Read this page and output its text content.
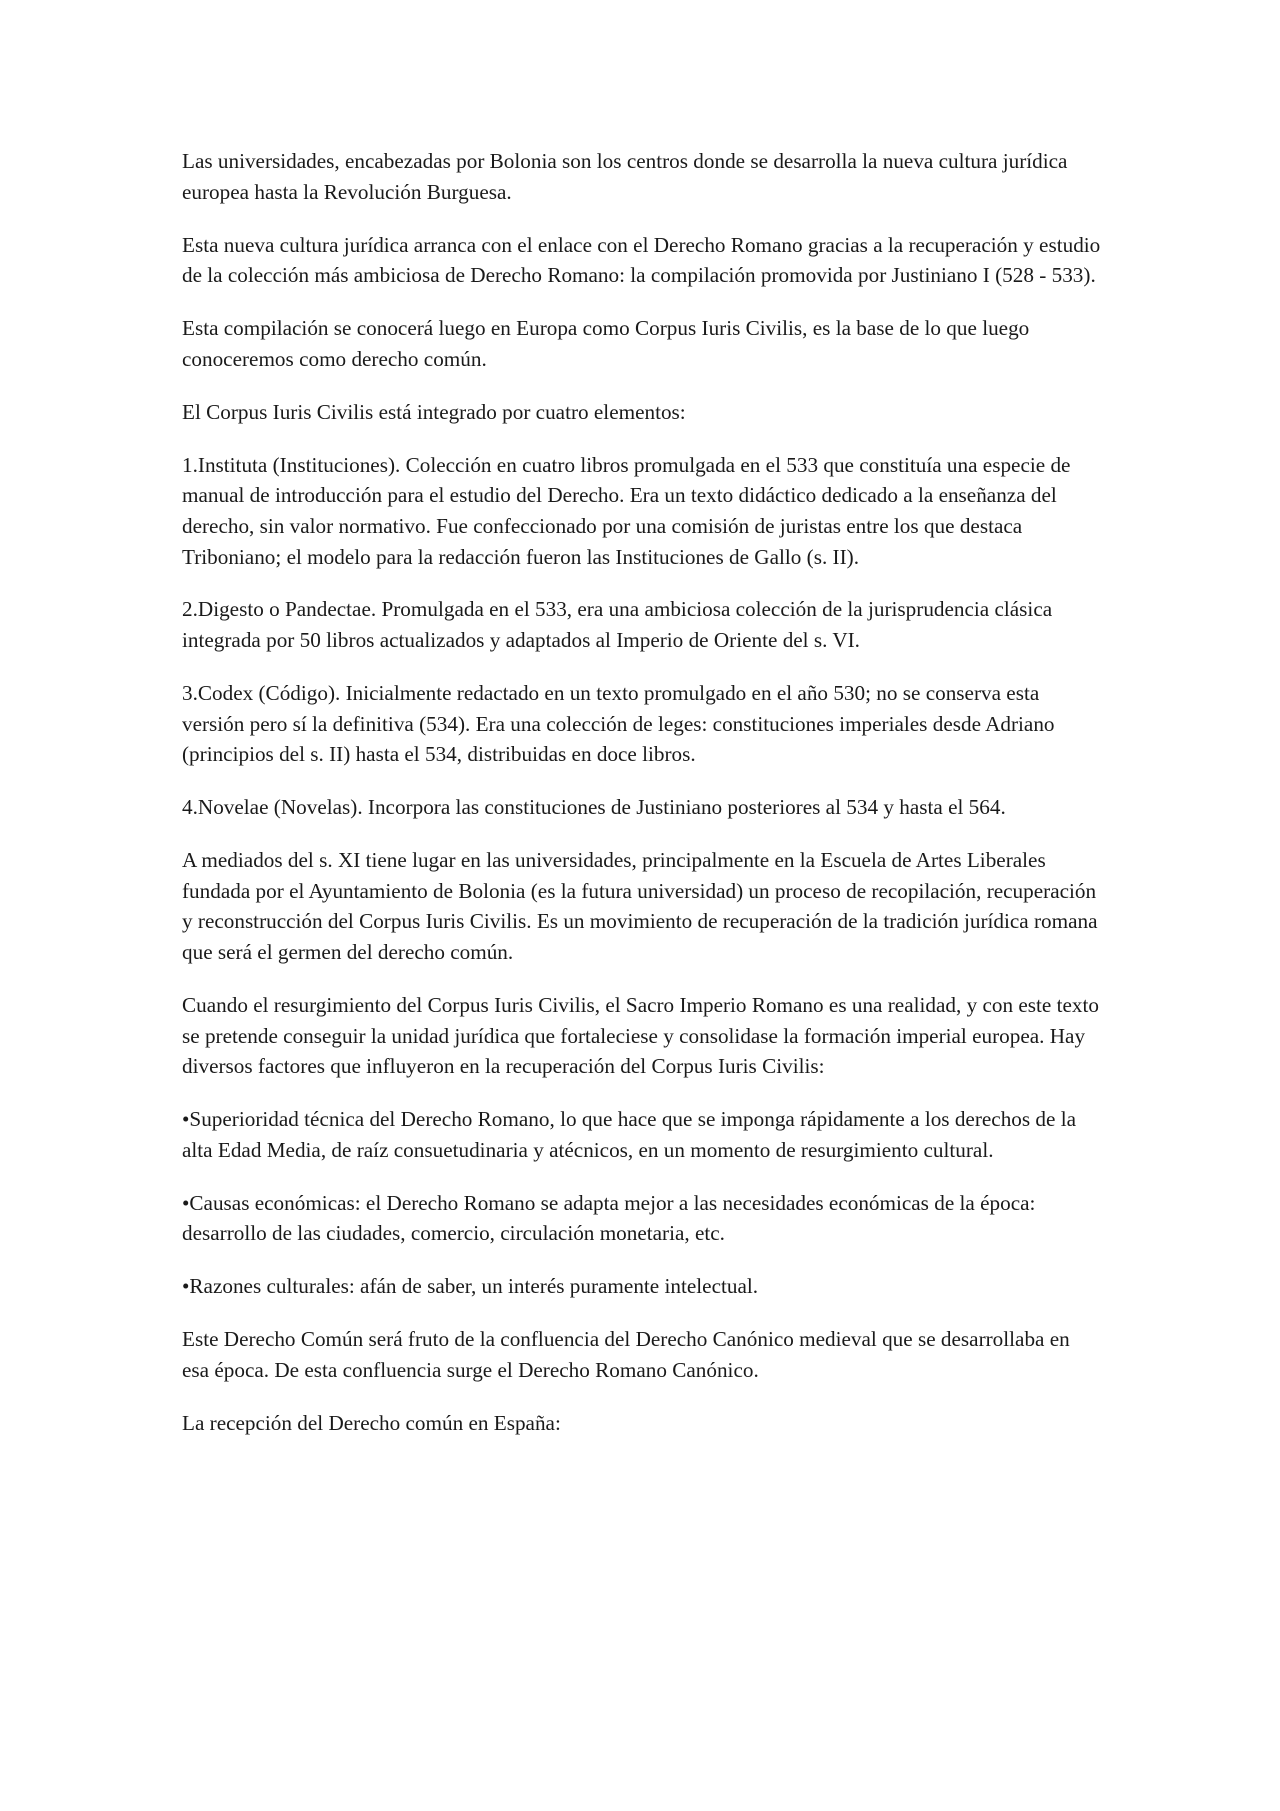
Las universidades, encabezadas por Bolonia son los centros donde se desarrolla la nueva cultura jurídica europea hasta la Revolución Burguesa.

Esta nueva cultura jurídica arranca con el enlace con el Derecho Romano gracias a la recuperación y estudio de la colección más ambiciosa de Derecho Romano: la compilación promovida por Justiniano I (528 - 533).

Esta compilación se conocerá luego en Europa como Corpus Iuris Civilis, es la base de lo que luego conoceremos como derecho común.

El Corpus Iuris Civilis está integrado por cuatro elementos:

1.Instituta (Instituciones). Colección en cuatro libros promulgada en el 533 que constituía una especie de manual de introducción para el estudio del Derecho. Era un texto didáctico dedicado a la enseñanza del derecho, sin valor normativo. Fue confeccionado por una comisión de juristas entre los que destaca Triboniano; el modelo para la redacción fueron las Instituciones de Gallo (s. II).

2.Digesto o Pandectae. Promulgada en el 533, era una ambiciosa colección de la jurisprudencia clásica integrada por 50 libros actualizados y adaptados al Imperio de Oriente del s. VI.

3.Codex (Código). Inicialmente redactado en un texto promulgado en el año 530; no se conserva esta versión pero sí la definitiva (534). Era una colección de leges: constituciones imperiales desde Adriano (principios del s. II) hasta el 534, distribuidas en doce libros.

4.Novelae (Novelas). Incorpora las constituciones de Justiniano posteriores al 534 y hasta el 564.

A mediados del s. XI tiene lugar en las universidades, principalmente en la Escuela de Artes Liberales fundada por el Ayuntamiento de Bolonia (es la futura universidad) un proceso de recopilación, recuperación y reconstrucción del Corpus Iuris Civilis. Es un movimiento de recuperación de la tradición jurídica romana que será el germen del derecho común.

Cuando el resurgimiento del Corpus Iuris Civilis, el Sacro Imperio Romano es una realidad, y con este texto se pretende conseguir la unidad jurídica que fortaleciese y consolidase la formación imperial europea. Hay diversos factores que influyeron en la recuperación del Corpus Iuris Civilis:

•Superioridad técnica del Derecho Romano, lo que hace que se imponga rápidamente a los derechos de la alta Edad Media, de raíz consuetudinaria y atécnicos, en un momento de resurgimiento cultural.

•Causas económicas: el Derecho Romano se adapta mejor a las necesidades económicas de la época: desarrollo de las ciudades, comercio, circulación monetaria, etc.

•Razones culturales: afán de saber, un interés puramente intelectual.

Este Derecho Común será fruto de la confluencia del Derecho Canónico medieval que se desarrollaba en esa época. De esta confluencia surge el Derecho Romano Canónico.

La recepción del Derecho común en España:
